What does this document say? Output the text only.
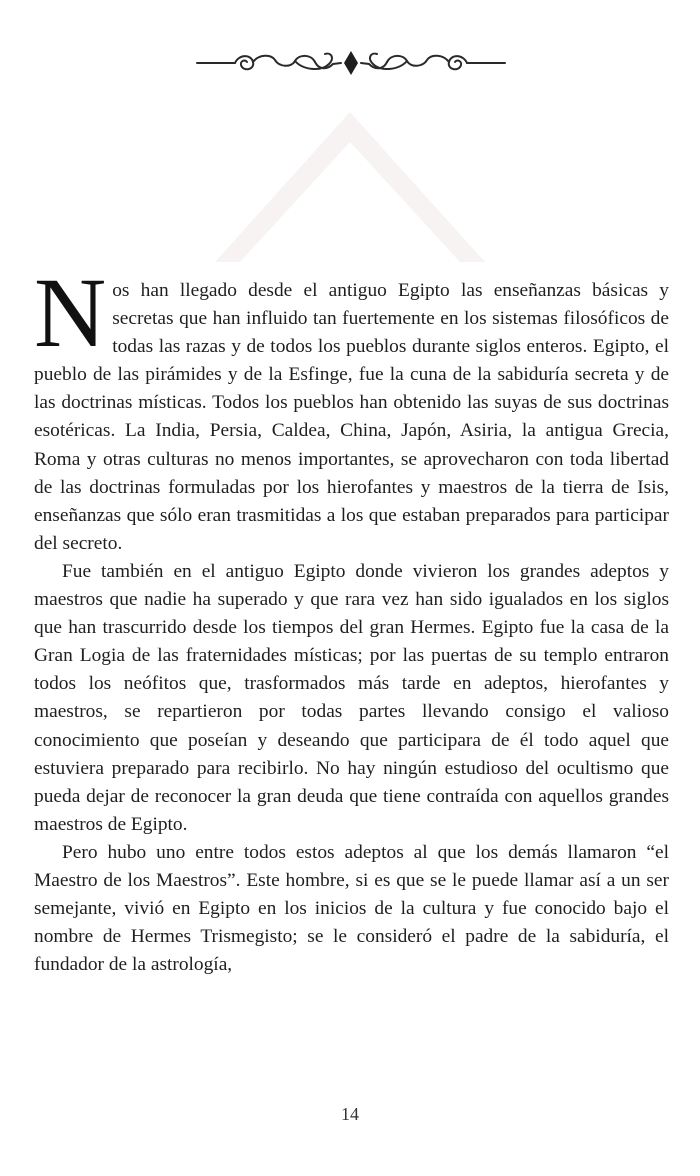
Nos han llegado desde el antiguo Egipto las enseñanzas básicas y secretas que han influido tan fuertemente en los sistemas filosóficos de todas las razas y de todos los pueblos durante siglos enteros. Egipto, el pueblo de las pirámides y de la Esfinge, fue la cuna de la sabiduría secreta y de las doctrinas místicas. Todos los pueblos han obtenido las suyas de sus doctrinas esotéricas. La India, Persia, Caldea, China, Japón, Asiria, la antigua Grecia, Roma y otras culturas no menos importantes, se aprovecharon con toda libertad de las doctrinas formuladas por los hierofantes y maestros de la tierra de Isis, enseñanzas que sólo eran trasmitidas a los que estaban preparados para participar del secreto.

Fue también en el antiguo Egipto donde vivieron los grandes adeptos y maestros que nadie ha superado y que rara vez han sido igualados en los siglos que han trascurrido desde los tiempos del gran Hermes. Egipto fue la casa de la Gran Logia de las fraternidades místicas; por las puertas de su templo entraron todos los neófitos que, trasformados más tarde en adeptos, hierofantes y maestros, se repartieron por todas partes llevando consigo el valioso conocimiento que poseían y deseando que participara de él todo aquel que estuviera preparado para recibirlo. No hay ningún estudioso del ocultismo que pueda dejar de reconocer la gran deuda que tiene contraída con aquellos grandes maestros de Egipto.

Pero hubo uno entre todos estos adeptos al que los demás llamaron “el Maestro de los Maestros”. Este hombre, si es que se le puede llamar así a un ser semejante, vivió en Egipto en los inicios de la cultura y fue conocido bajo el nombre de Hermes Trismegisto; se le consideró el padre de la sabiduría, el fundador de la astrología,

14
